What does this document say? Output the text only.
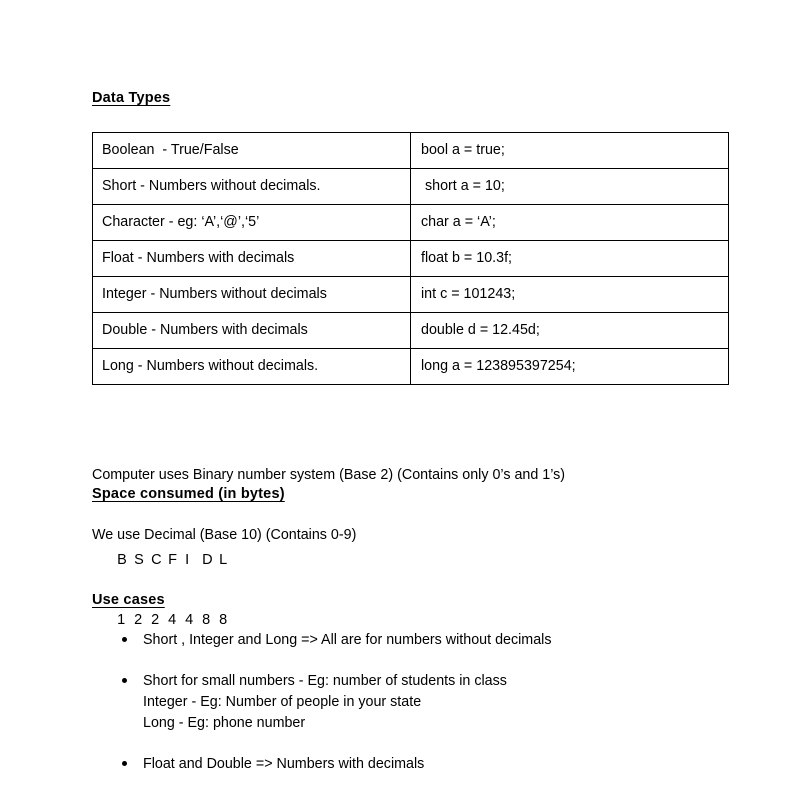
Data Types
Boolean  - True/False	bool a = true;
Short - Numbers without decimals.	short a = 10;
Character - eg: ‘A’,‘@’,‘5’	char a = ‘A’;
Float - Numbers with decimals	float b = 10.3f;
Integer - Numbers without decimals	int c = 101243;
Double - Numbers with decimals	double d = 12.45d;
Long - Numbers without decimals.	long a = 123895397254;

Computer uses Binary number system (Base 2) (Contains only 0’s and 1’s)

We use Decimal (Base 10) (Contains 0-9)

Space consumed (in bytes)

B S C F I D L

1 2 2 4 4 8 8

Use cases
Short , Integer and Long => All are for numbers without decimals
Short for small numbers - Eg: number of students in class
Integer - Eg: Number of people in your state
Long - Eg: phone number
Float and Double => Numbers with decimals
